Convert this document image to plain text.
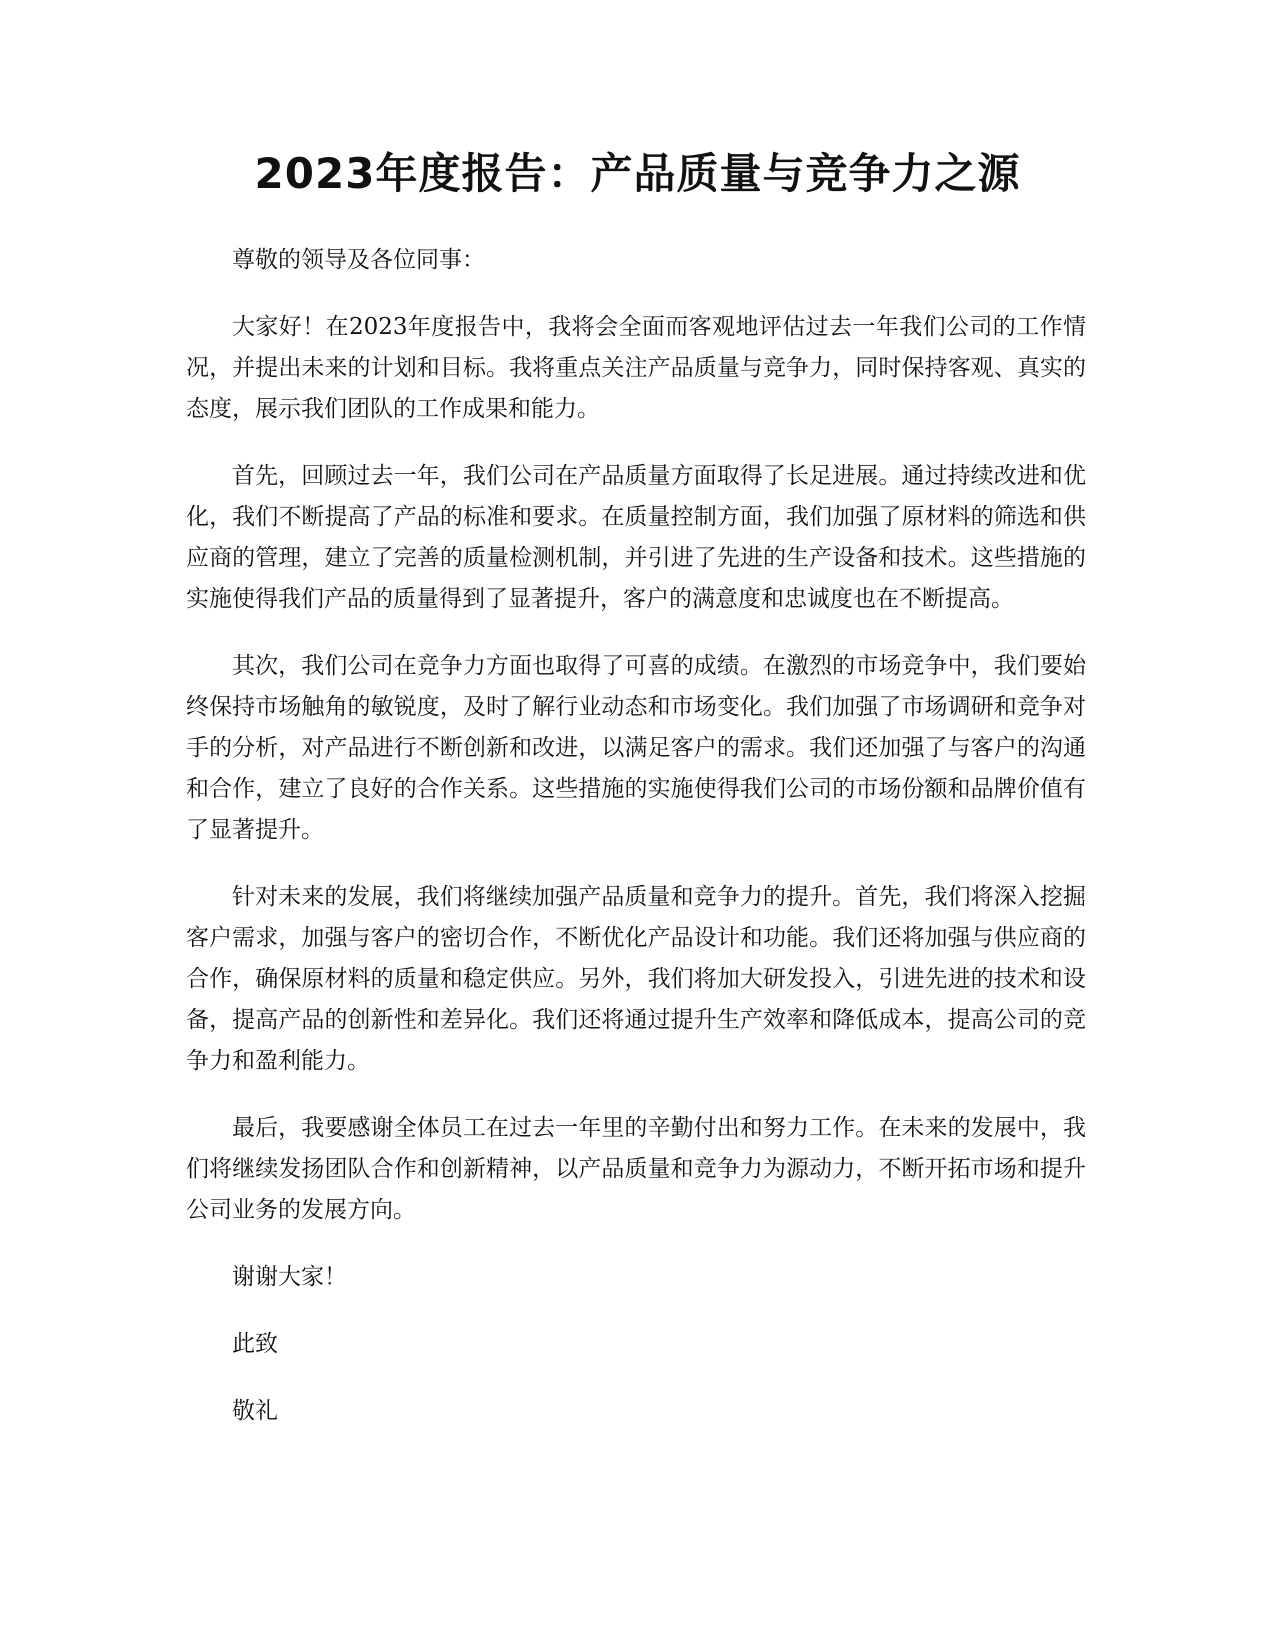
2023年度报告：产品质量与竞争力之源

尊敬的领导及各位同事：

大家好！在2023年度报告中，我将会全面而客观地评估过去一年我们公司的工作情况，并提出未来的计划和目标。我将重点关注产品质量与竞争力，同时保持客观、真实的态度，展示我们团队的工作成果和能力。

首先，回顾过去一年，我们公司在产品质量方面取得了长足进展。通过持续改进和优化，我们不断提高了产品的标准和要求。在质量控制方面，我们加强了原材料的筛选和供应商的管理，建立了完善的质量检测机制，并引进了先进的生产设备和技术。这些措施的实施使得我们产品的质量得到了显著提升，客户的满意度和忠诚度也在不断提高。

其次，我们公司在竞争力方面也取得了可喜的成绩。在激烈的市场竞争中，我们要始终保持市场触角的敏锐度，及时了解行业动态和市场变化。我们加强了市场调研和竞争对手的分析，对产品进行不断创新和改进，以满足客户的需求。我们还加强了与客户的沟通和合作，建立了良好的合作关系。这些措施的实施使得我们公司的市场份额和品牌价值有了显著提升。

针对未来的发展，我们将继续加强产品质量和竞争力的提升。首先，我们将深入挖掘客户需求，加强与客户的密切合作，不断优化产品设计和功能。我们还将加强与供应商的合作，确保原材料的质量和稳定供应。另外，我们将加大研发投入，引进先进的技术和设备，提高产品的创新性和差异化。我们还将通过提升生产效率和降低成本，提高公司的竞争力和盈利能力。

最后，我要感谢全体员工在过去一年里的辛勤付出和努力工作。在未来的发展中，我们将继续发扬团队合作和创新精神，以产品质量和竞争力为源动力，不断开拓市场和提升公司业务的发展方向。

谢谢大家！

此致

敬礼
